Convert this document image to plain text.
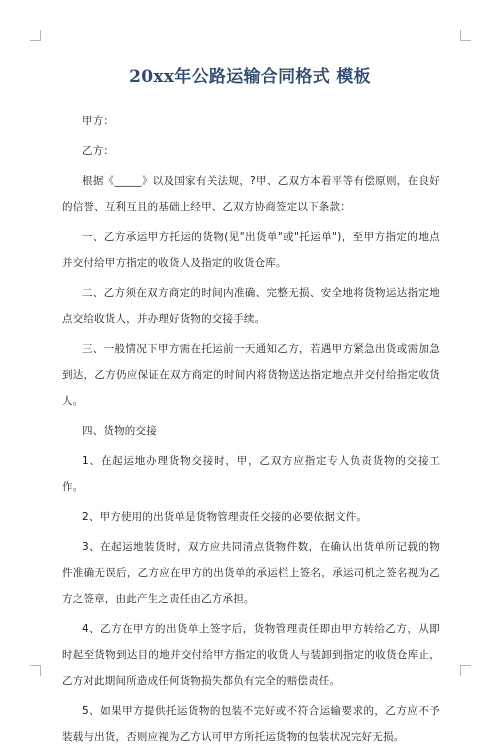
20xx年公路运输合同格式 模板

甲方：

乙方：

根据《_____》以及国家有关法规，?甲、乙双方本着平等有偿原则，在良好的信誉、互利互且的基础上经甲、乙双方协商签定以下条款：

一、乙方承运甲方托运的货物(见"出货单"或"托运单")，至甲方指定的地点并交付给甲方指定的收货人及指定的收货仓库。

二、乙方须在双方商定的时间内准确、完整无损、安全地将货物运达指定地点交给收货人，并办理好货物的交接手续。

三、一般情况下甲方需在托运前一天通知乙方，若遇甲方紧急出货或需加急到达，乙方仍应保证在双方商定的时间内将货物送达指定地点并交付给指定收货人。

四、货物的交接

1、在起运地办理货物交接时，甲，乙双方应指定专人负责货物的交接工作。

2、甲方使用的出货单是货物管理责任交接的必要依据文件。

3、在起运地装货时，双方应共同清点货物件数，在确认出货单所记载的物件准确无误后，乙方应在甲方的出货单的承运栏上签名，承运司机之签名视为乙方之签章，由此产生之责任由乙方承担。

4、乙方在甲方的出货单上签字后，货物管理责任即由甲方转给乙方，从即时起至货物到达目的地并交付给甲方指定的收货人与装卸到指定的收货仓库止，乙方对此期间所造成任何货物损失都负有完全的赔偿责任。

5、如果甲方提供托运货物的包装不完好或不符合运输要求的，乙方应不予装载与出货，否则应视为乙方认可甲方所托运货物的包装状况完好无损。
